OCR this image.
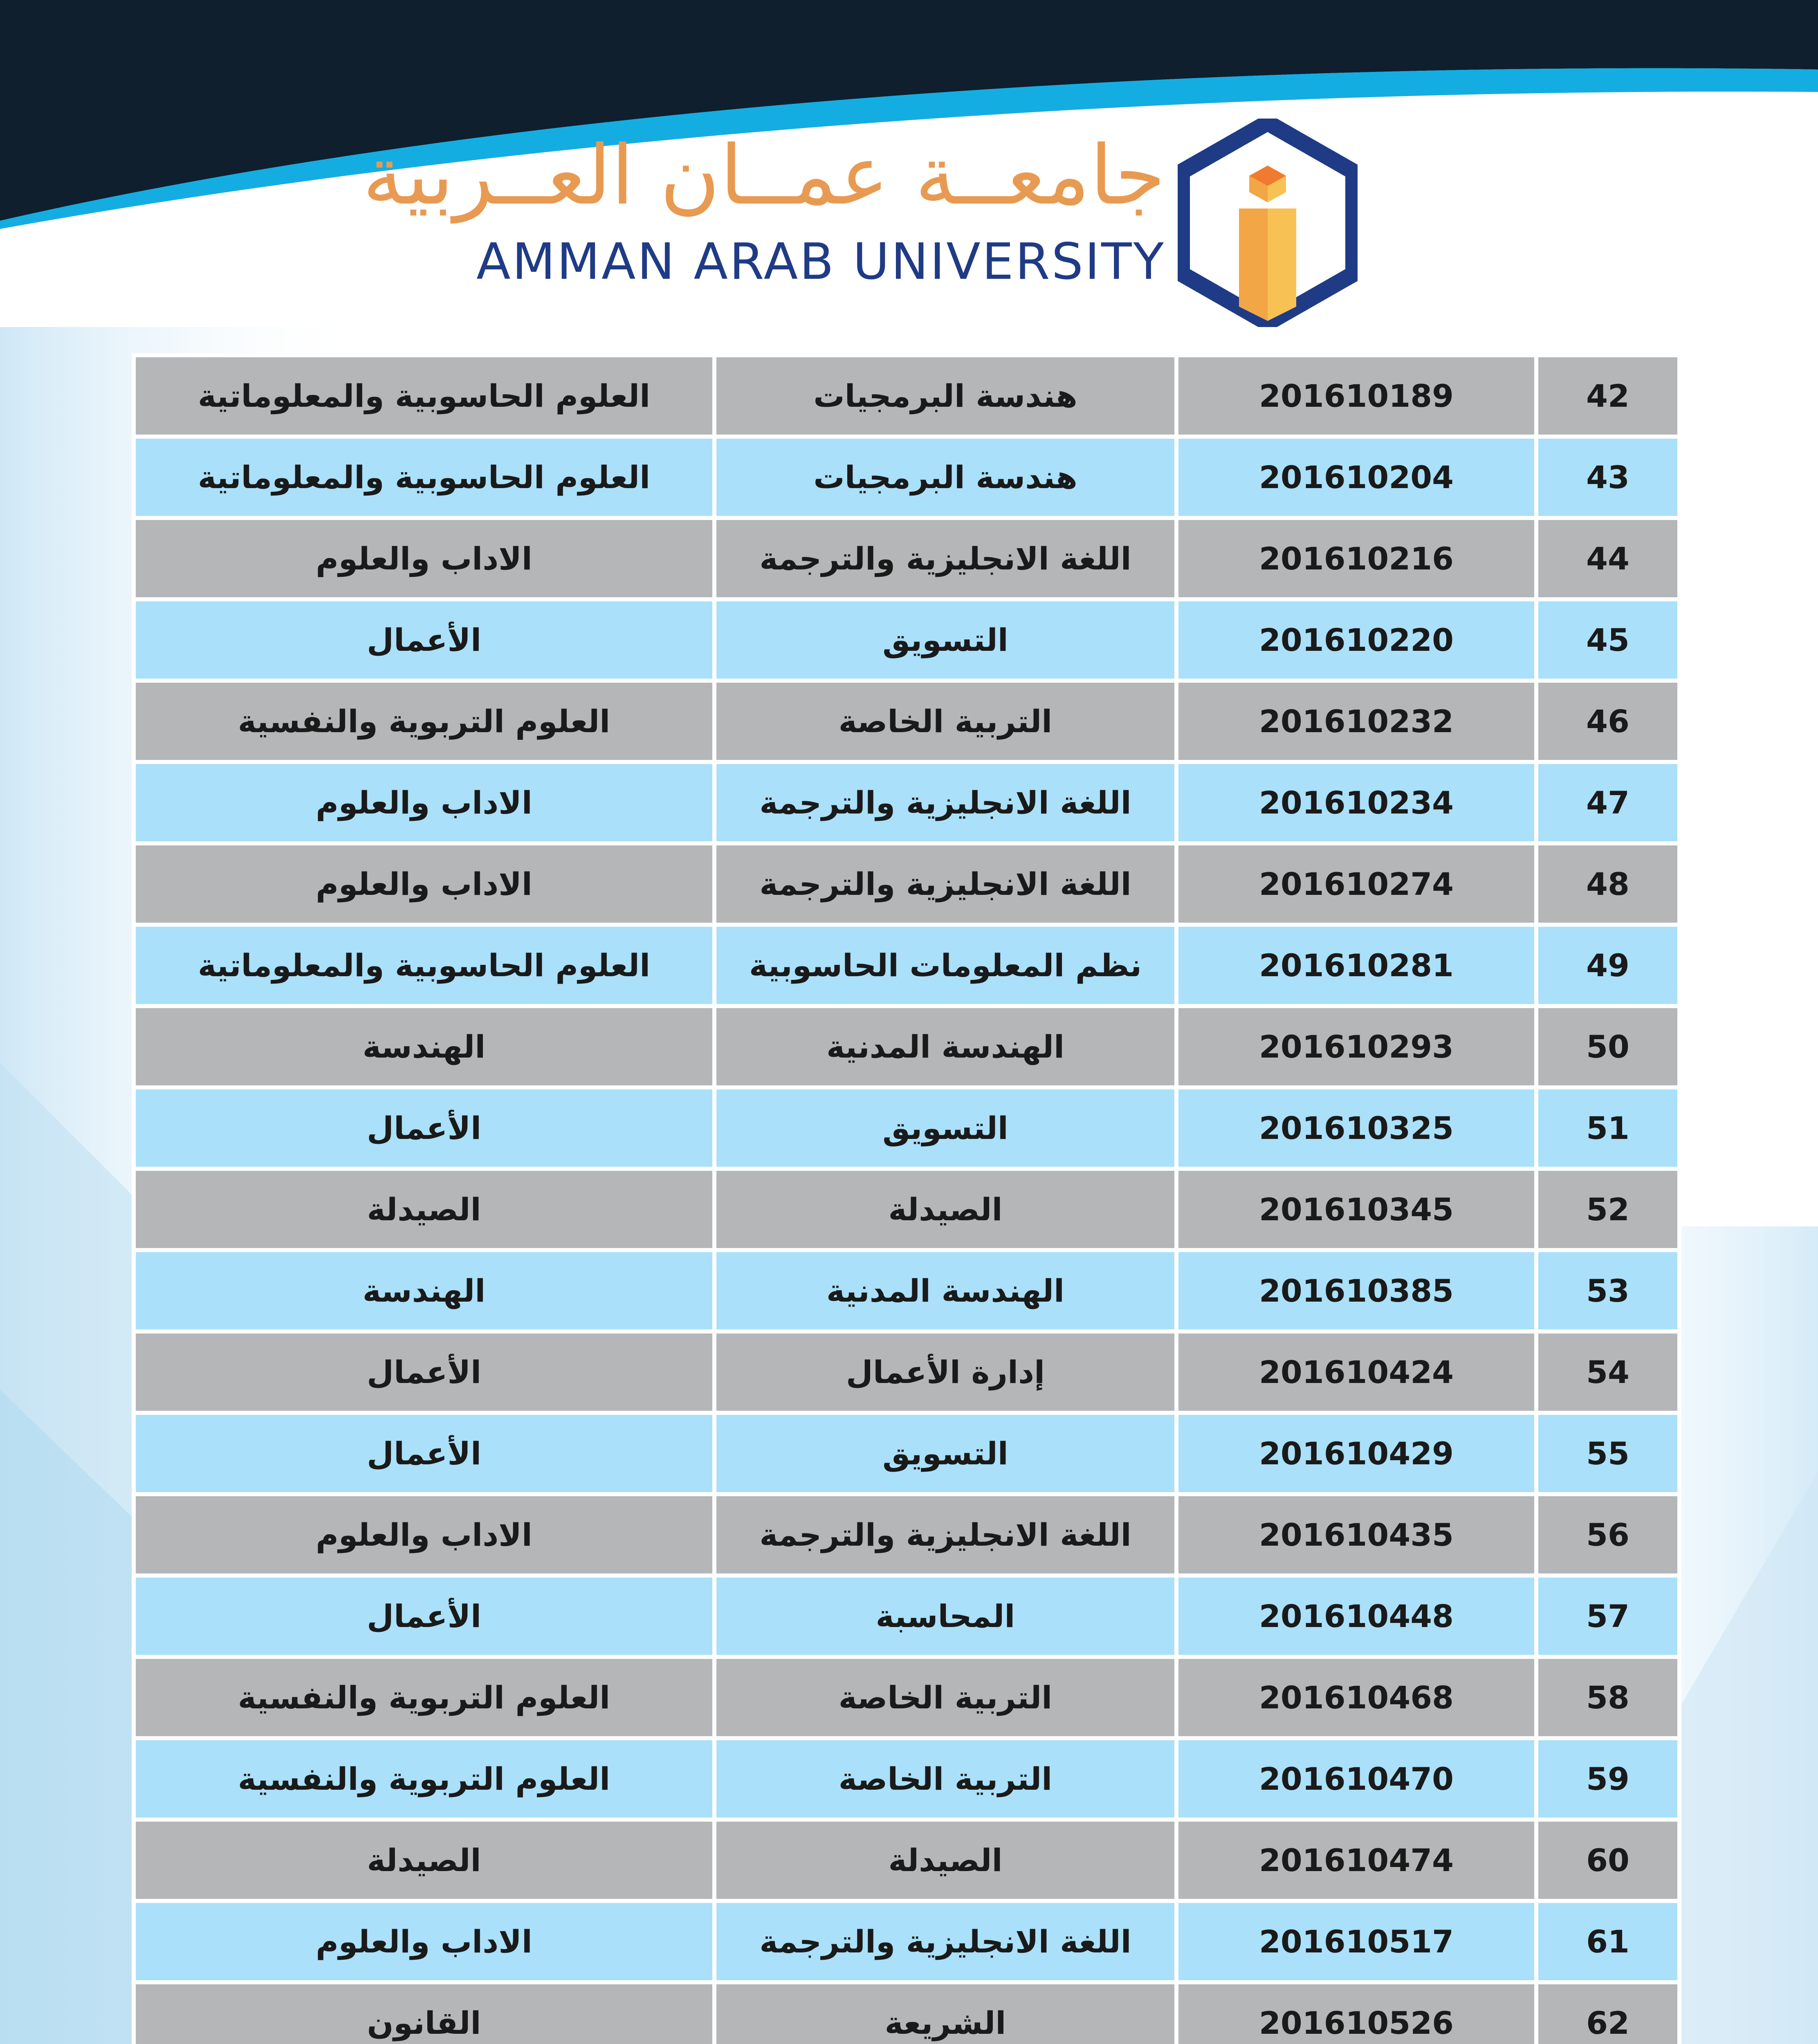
جامعــة عمــان العــربية
AMMAN ARAB UNIVERSITY
42	201610189	هندسة البرمجيات	العلوم الحاسوبية والمعلوماتية
43	201610204	هندسة البرمجيات	العلوم الحاسوبية والمعلوماتية
44	201610216	اللغة الانجليزية والترجمة	الاداب والعلوم
45	201610220	التسويق	الأعمال
46	201610232	التربية الخاصة	العلوم التربوية والنفسية
47	201610234	اللغة الانجليزية والترجمة	الاداب والعلوم
48	201610274	اللغة الانجليزية والترجمة	الاداب والعلوم
49	201610281	نظم المعلومات الحاسوبية	العلوم الحاسوبية والمعلوماتية
50	201610293	الهندسة المدنية	الهندسة
51	201610325	التسويق	الأعمال
52	201610345	الصيدلة	الصيدلة
53	201610385	الهندسة المدنية	الهندسة
54	201610424	إدارة الأعمال	الأعمال
55	201610429	التسويق	الأعمال
56	201610435	اللغة الانجليزية والترجمة	الاداب والعلوم
57	201610448	المحاسبة	الأعمال
58	201610468	التربية الخاصة	العلوم التربوية والنفسية
59	201610470	التربية الخاصة	العلوم التربوية والنفسية
60	201610474	الصيدلة	الصيدلة
61	201610517	اللغة الانجليزية والترجمة	الاداب والعلوم
62	201610526	الشريعة	القانون
